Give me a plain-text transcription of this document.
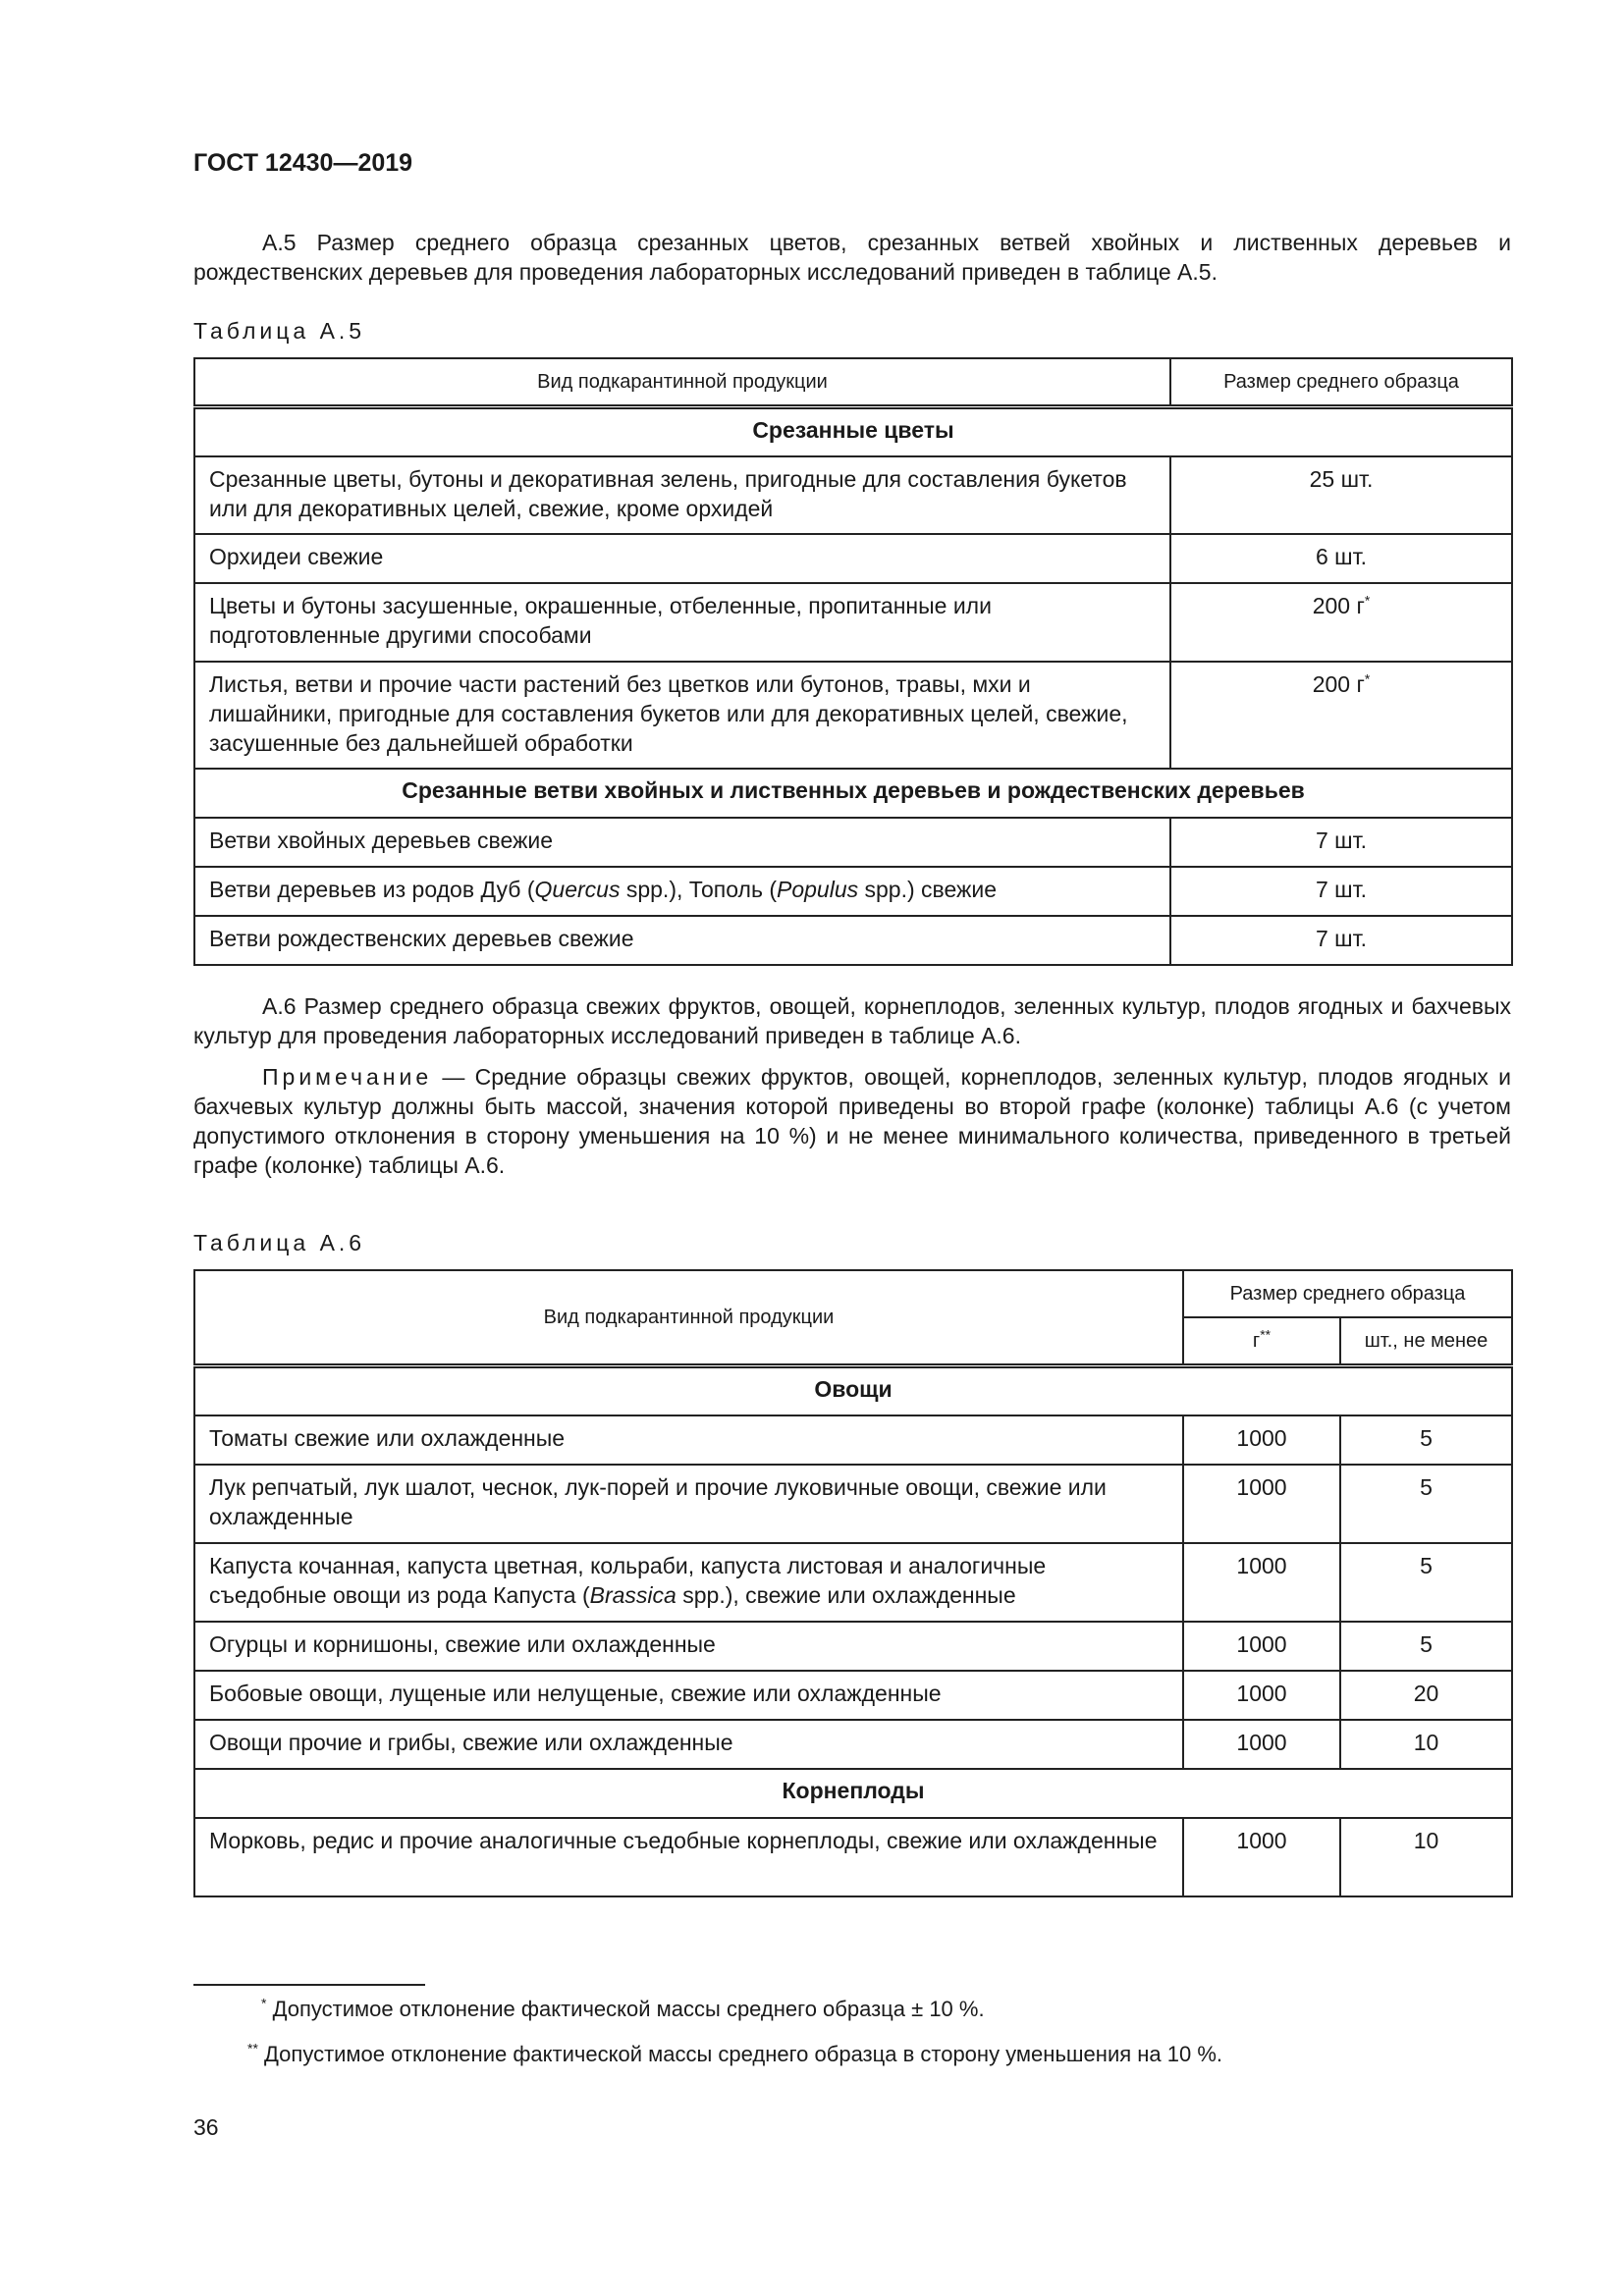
ГОСТ 12430—2019

А.5 Размер среднего образца срезанных цветов, срезанных ветвей хвойных и лиственных деревьев и рождественских деревьев для проведения лабораторных исследований приведен в таблице А.5.

Таблица А.5
Вид подкарантинной продукции	Размер среднего образца
Срезанные цветы	
Срезанные цветы, бутоны и декоративная зелень, пригодные для составления букетов или для декоративных целей, свежие, кроме орхидей	25 шт.
Орхидеи свежие	6 шт.
Цветы и бутоны засушенные, окрашенные, отбеленные, пропитанные или подготовленные другими способами	200 г*
Листья, ветви и прочие части растений без цветков или бутонов, травы, мхи и лишайники, пригодные для составления букетов или для декоративных целей, свежие, засушенные без дальнейшей обработки	200 г*
Срезанные ветви хвойных и лиственных деревьев и рождественских деревьев	
Ветви хвойных деревьев свежие	7 шт.
Ветви деревьев из родов Дуб (Quercus spp.), Тополь (Populus spp.) свежие	7 шт.
Ветви рождественских деревьев свежие	7 шт.

А.6 Размер среднего образца свежих фруктов, овощей, корнеплодов, зеленных культур, плодов ягодных и бахчевых культур для проведения лабораторных исследований приведен в таблице А.6.

Примечание — Средние образцы свежих фруктов, овощей, корнеплодов, зеленных культур, плодов ягодных и бахчевых культур должны быть массой, значения которой приведены во второй графе (колонке) таблицы А.6 (с учетом допустимого отклонения в сторону уменьшения на 10 %) и не менее минимального количества, приведенного в третьей графе (колонке) таблицы А.6.

Таблица А.6
Вид подкарантинной продукции	Размер среднего образца	
	г**	шт., не менее
Овощи		
Томаты свежие или охлажденные	1000	5
Лук репчатый, лук шалот, чеснок, лук-порей и прочие луковичные овощи, свежие или охлажденные	1000	5
Капуста кочанная, капуста цветная, кольраби, капуста листовая и аналогичные съедобные овощи из рода Капуста (Brassica spp.), свежие или охлажденные	1000	5
Огурцы и корнишоны, свежие или охлажденные	1000	5
Бобовые овощи, лущеные или нелущеные, свежие или охлажденные	1000	20
Овощи прочие и грибы, свежие или охлажденные	1000	10
Корнеплоды		
Морковь, редис и прочие аналогичные съедобные корнеплоды, свежие или охлажденные	1000	10
* Допустимое отклонение фактической массы среднего образца ± 10 %.
** Допустимое отклонение фактической массы среднего образца в сторону уменьшения на 10 %.
36
